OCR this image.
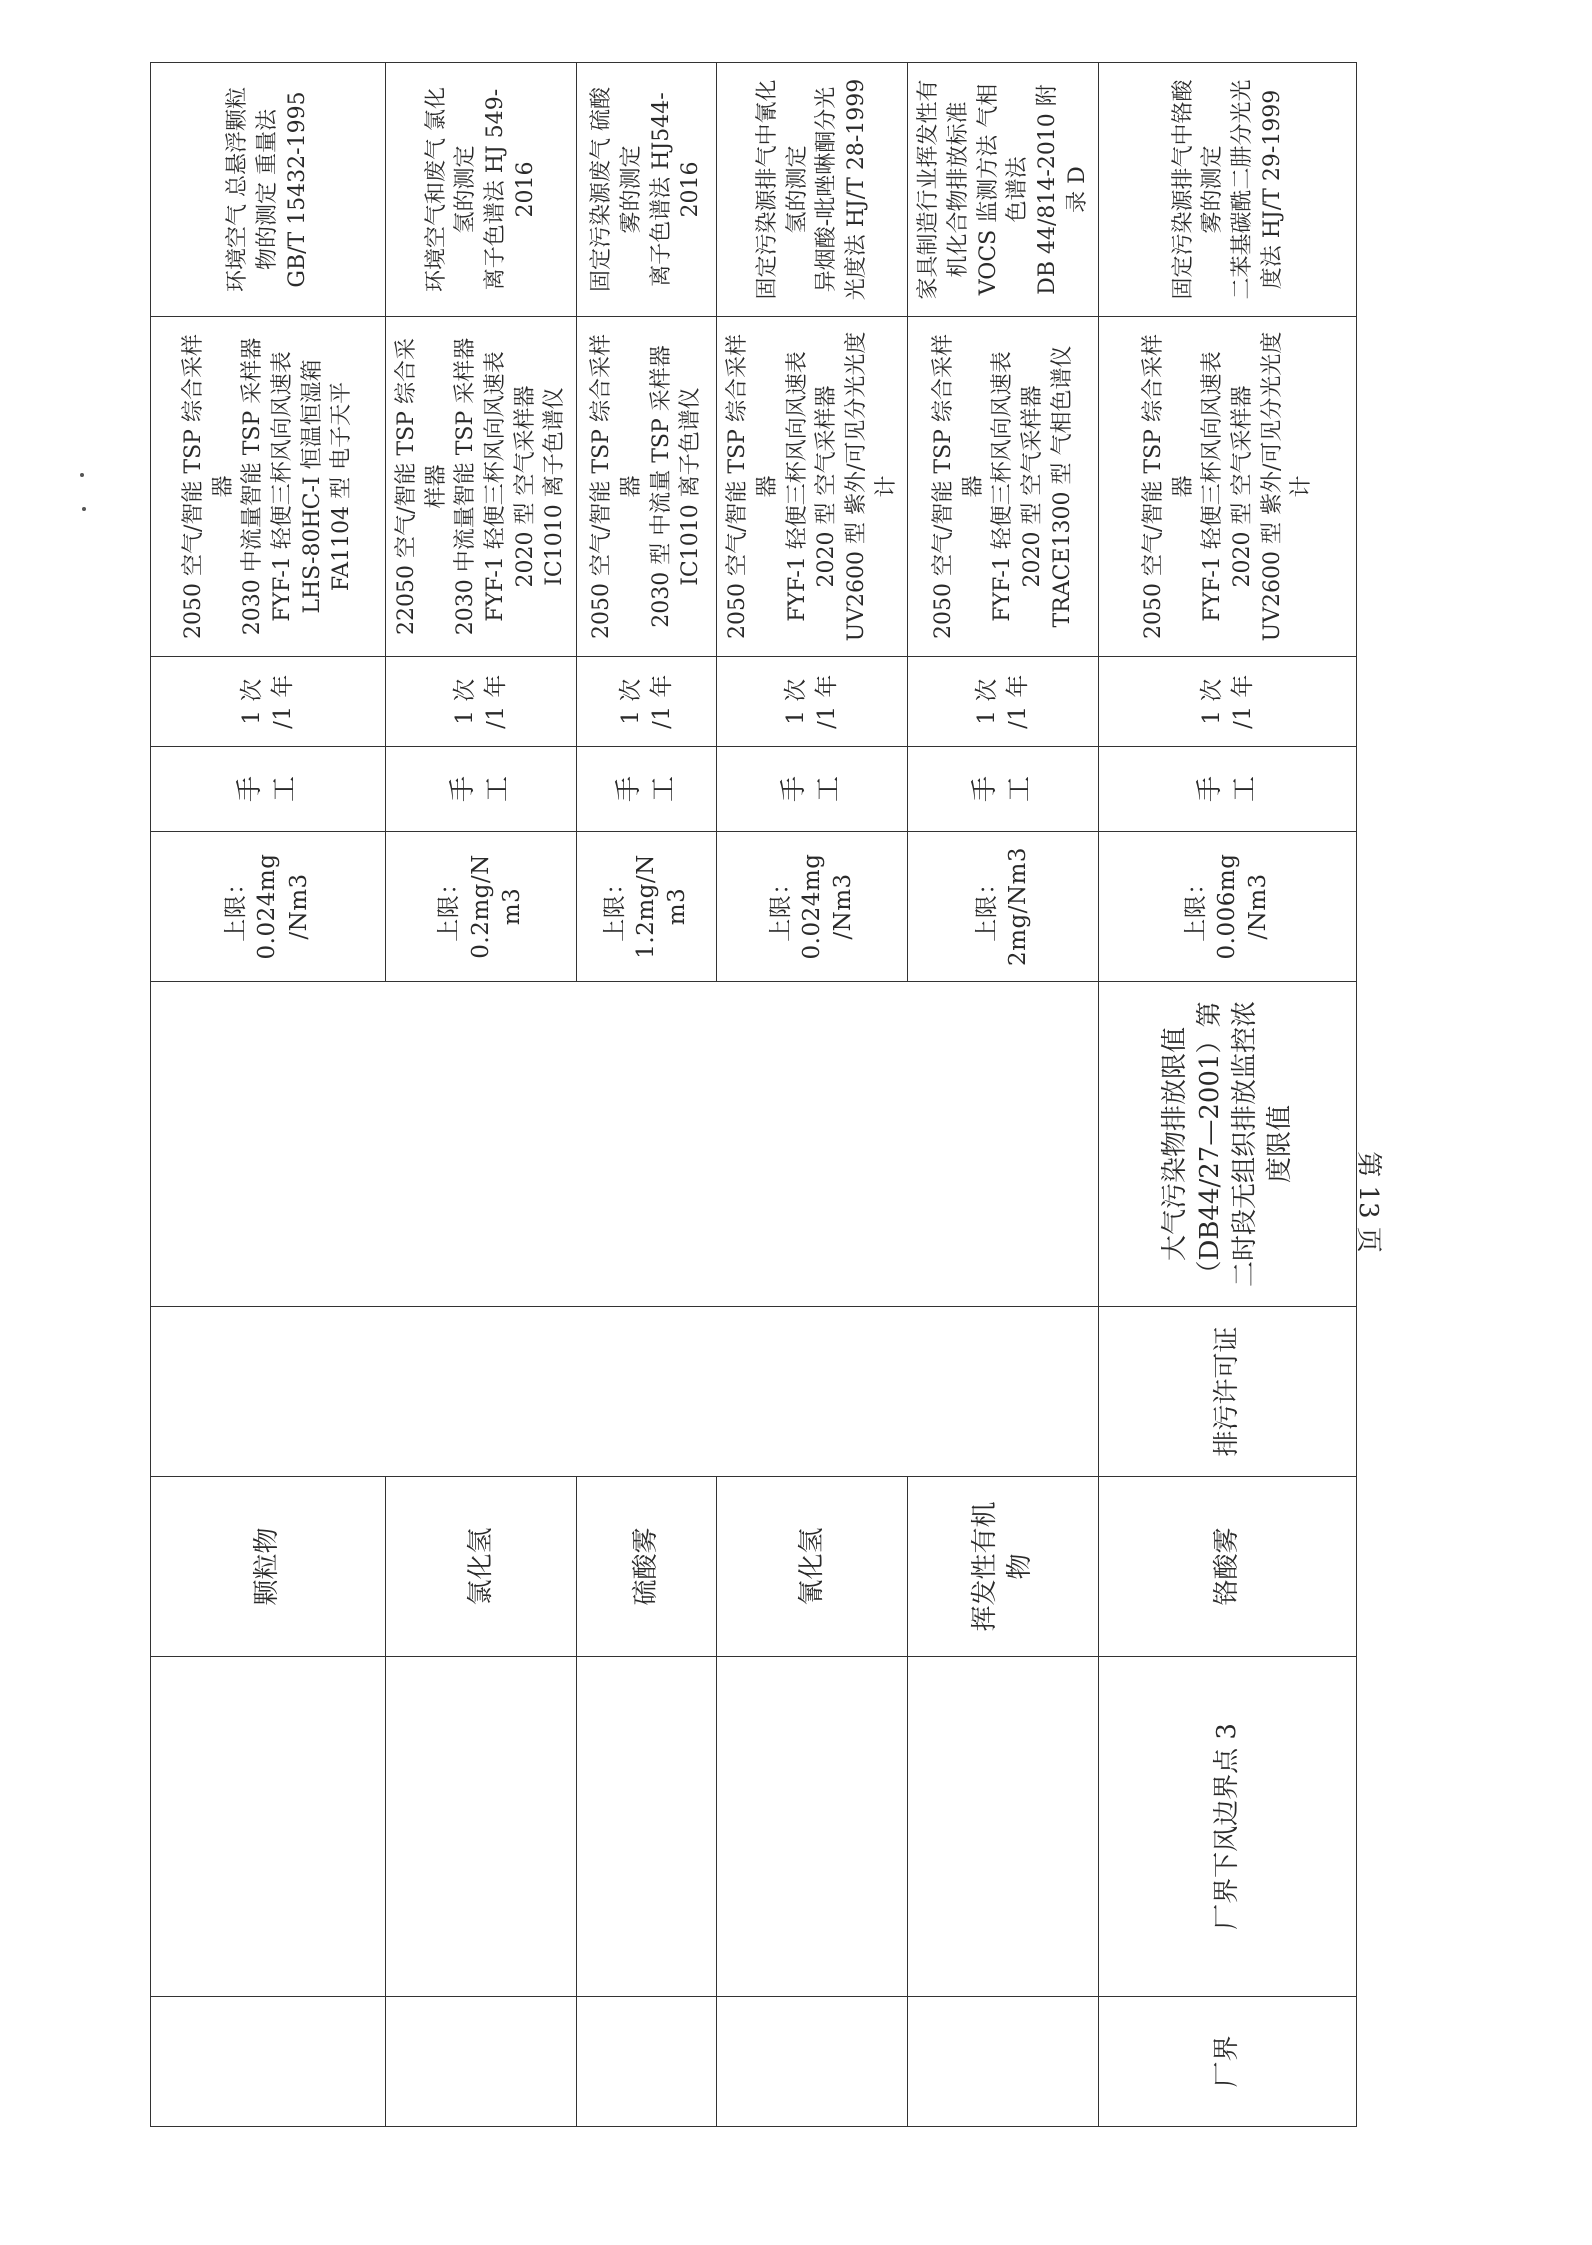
		颗粒物			上限： 0.024mg /Nm3	手 工	1 次 /1 年	2050 空气/智能 TSP 综合采样器 2030 中流量智能 TSP 采样器 FYF-1 轻便三杯风向风速表 LHS-80HC-I 恒温恒湿箱 FA1104 型 电子天平	环境空气 总悬浮颗粒物的测定 重量法 GB/T 15432-1995

		氯化氢			上限： 0.2mg/N m3	手 工	1 次 /1 年	22050 空气/智能 TSP 综合采样器 2030 中流量智能 TSP 采样器 FYF-1 轻便三杯风向风速表 2020 型 空气采样器 IC1010 离子色谱仪	环境空气和废气 氯化氢的测定 离子色谱法 HJ 549-2016

		硫酸雾			上限： 1.2mg/N m3	手 工	1 次 /1 年	2050 空气/智能 TSP 综合采样器 2030 型 中流量 TSP 采样器 IC1010 离子色谱仪	固定污染源废气 硫酸雾的测定 离子色谱法 HJ544-2016

		氰化氢			上限： 0.024mg /Nm3	手 工	1 次 /1 年	2050 空气/智能 TSP 综合采样器 FYF-1 轻便三杯风向风速表 2020 型 空气采样器 UV2600 型 紫外/可见分光光度计	固定污染源排气中氰化氢的测定 异烟酸-吡唑啉酮分光光度法 HJ/T 28-1999

		挥发性有机物			上限： 2mg/Nm3	手 工	1 次 /1 年	2050 空气/智能 TSP 综合采样器 FYF-1 轻便三杯风向风速表 2020 型 空气采样器 TRACE1300 型 气相色谱仪	家具制造行业挥发性有机化合物排放标准 VOCS 监测方法 气相色谱法 DB 44/814-2010 附录 D

厂界	厂界下风边界点 3	铬酸雾	排污许可证	大气污染物排放限值（DB44/27—2001）第二时段无组织排放监控浓度限值	上限： 0.006mg /Nm3	手 工	1 次 /1 年	2050 空气/智能 TSP 综合采样器 FYF-1 轻便三杯风向风速表 2020 型 空气采样器 UV2600 型 紫外/可见分光光度计	固定污染源排气中铬酸雾的测定 二苯基碳酰二肼分光光度法 HJ/T 29-1999
第 13 页
